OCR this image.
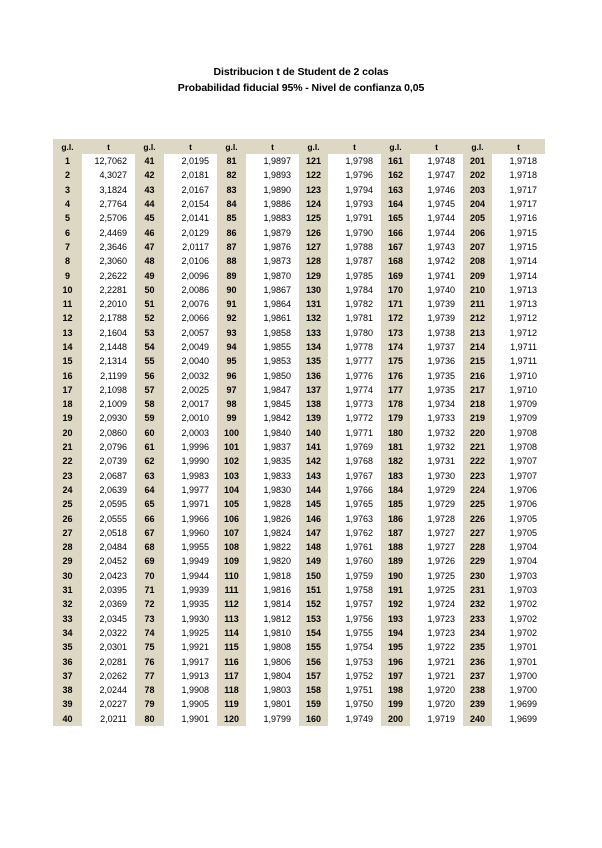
Distribucion t de Student de 2 colas
Probabilidad fiducial 95% - Nivel de confianza 0,05
g.l.	t	g.l.	t	g.l.	t	g.l.	t	g.l.	t	g.l.	t
1	12,7062	41	2,0195	81	1,9897	121	1,9798	161	1,9748	201	1,9718
2	4,3027	42	2,0181	82	1,9893	122	1,9796	162	1,9747	202	1,9718
3	3,1824	43	2,0167	83	1,9890	123	1,9794	163	1,9746	203	1,9717
4	2,7764	44	2,0154	84	1,9886	124	1,9793	164	1,9745	204	1,9717
5	2,5706	45	2,0141	85	1,9883	125	1,9791	165	1,9744	205	1,9716
6	2,4469	46	2,0129	86	1,9879	126	1,9790	166	1,9744	206	1,9715
7	2,3646	47	2,0117	87	1,9876	127	1,9788	167	1,9743	207	1,9715
8	2,3060	48	2,0106	88	1,9873	128	1,9787	168	1,9742	208	1,9714
9	2,2622	49	2,0096	89	1,9870	129	1,9785	169	1,9741	209	1,9714
10	2,2281	50	2,0086	90	1,9867	130	1,9784	170	1,9740	210	1,9713
11	2,2010	51	2,0076	91	1,9864	131	1,9782	171	1,9739	211	1,9713
12	2,1788	52	2,0066	92	1,9861	132	1,9781	172	1,9739	212	1,9712
13	2,1604	53	2,0057	93	1,9858	133	1,9780	173	1,9738	213	1,9712
14	2,1448	54	2,0049	94	1,9855	134	1,9778	174	1,9737	214	1,9711
15	2,1314	55	2,0040	95	1,9853	135	1,9777	175	1,9736	215	1,9711
16	2,1199	56	2,0032	96	1,9850	136	1,9776	176	1,9735	216	1,9710
17	2,1098	57	2,0025	97	1,9847	137	1,9774	177	1,9735	217	1,9710
18	2,1009	58	2,0017	98	1,9845	138	1,9773	178	1,9734	218	1,9709
19	2,0930	59	2,0010	99	1,9842	139	1,9772	179	1,9733	219	1,9709
20	2,0860	60	2,0003	100	1,9840	140	1,9771	180	1,9732	220	1,9708
21	2,0796	61	1,9996	101	1,9837	141	1,9769	181	1,9732	221	1,9708
22	2,0739	62	1,9990	102	1,9835	142	1,9768	182	1,9731	222	1,9707
23	2,0687	63	1,9983	103	1,9833	143	1,9767	183	1,9730	223	1,9707
24	2,0639	64	1,9977	104	1,9830	144	1,9766	184	1,9729	224	1,9706
25	2,0595	65	1,9971	105	1,9828	145	1,9765	185	1,9729	225	1,9706
26	2,0555	66	1,9966	106	1,9826	146	1,9763	186	1,9728	226	1,9705
27	2,0518	67	1,9960	107	1,9824	147	1,9762	187	1,9727	227	1,9705
28	2,0484	68	1,9955	108	1,9822	148	1,9761	188	1,9727	228	1,9704
29	2,0452	69	1,9949	109	1,9820	149	1,9760	189	1,9726	229	1,9704
30	2,0423	70	1,9944	110	1,9818	150	1,9759	190	1,9725	230	1,9703
31	2,0395	71	1,9939	111	1,9816	151	1,9758	191	1,9725	231	1,9703
32	2,0369	72	1,9935	112	1,9814	152	1,9757	192	1,9724	232	1,9702
33	2,0345	73	1,9930	113	1,9812	153	1,9756	193	1,9723	233	1,9702
34	2,0322	74	1,9925	114	1,9810	154	1,9755	194	1,9723	234	1,9702
35	2,0301	75	1,9921	115	1,9808	155	1,9754	195	1,9722	235	1,9701
36	2,0281	76	1,9917	116	1,9806	156	1,9753	196	1,9721	236	1,9701
37	2,0262	77	1,9913	117	1,9804	157	1,9752	197	1,9721	237	1,9700
38	2,0244	78	1,9908	118	1,9803	158	1,9751	198	1,9720	238	1,9700
39	2,0227	79	1,9905	119	1,9801	159	1,9750	199	1,9720	239	1,9699
40	2,0211	80	1,9901	120	1,9799	160	1,9749	200	1,9719	240	1,9699
